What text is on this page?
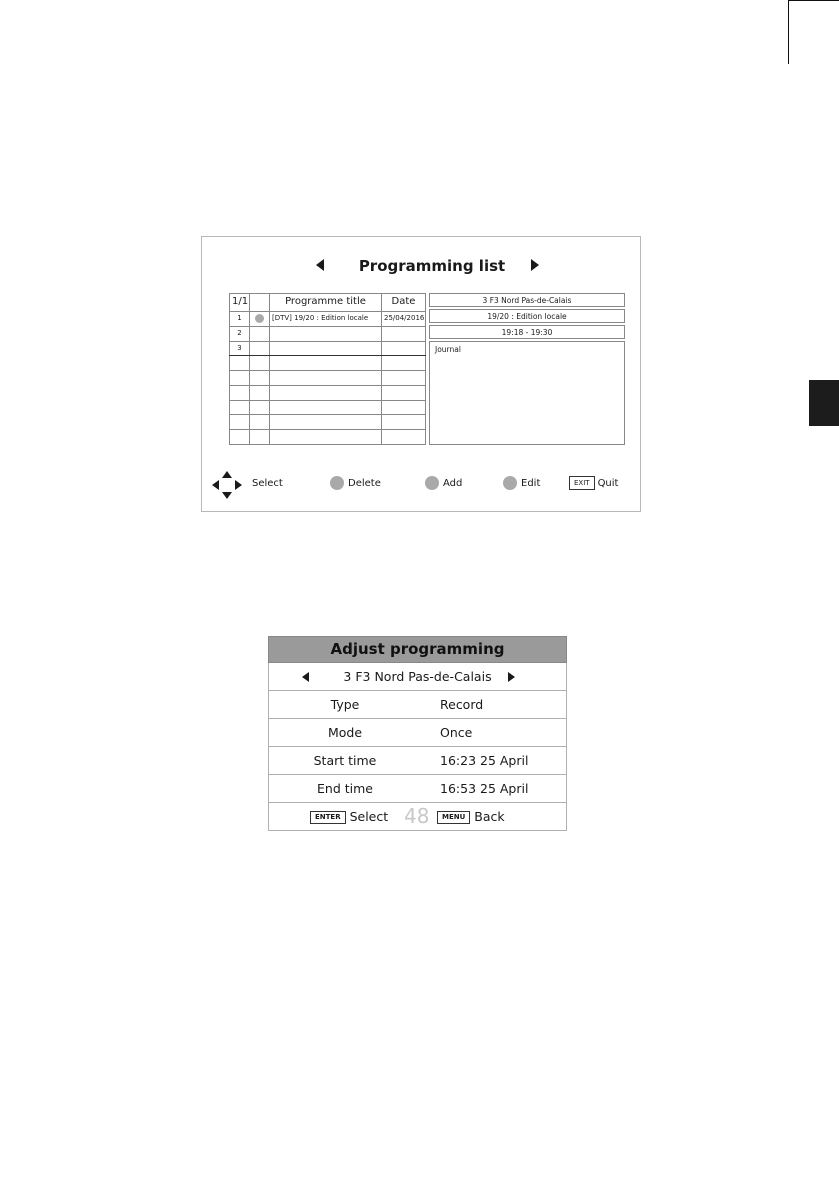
Programming list
1/1		Programme title	Date
1		[DTV] 19/20 : Edition locale	25/04/2016
2			
3			

3 F3 Nord Pas-de-Calais
19/20 : Edition locale
19:18 - 19:30
Journal
Select	Delete	Add	Edit	EXIT Quit
Adjust programming
3 F3 Nord Pas-de-Calais
Type	Record
Mode	Once
Start time	16:23 25 April
End time	16:53 25 April
ENTER Select	MENU Back
48
